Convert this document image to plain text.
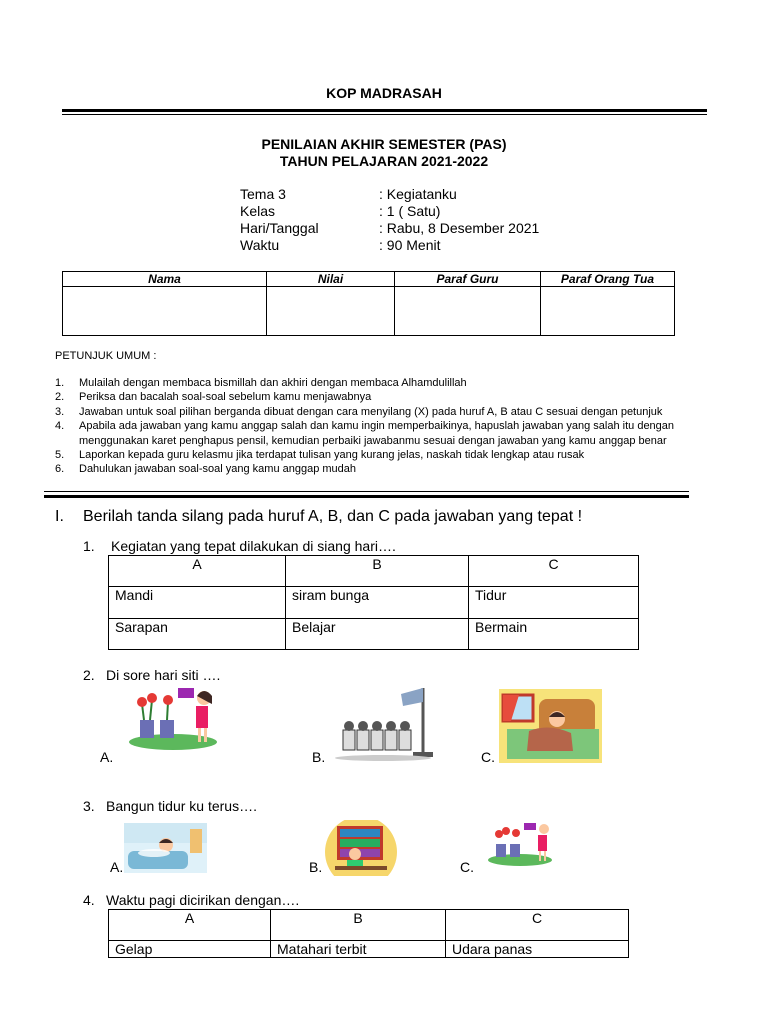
KOP MADRASAH
PENILAIAN AKHIR SEMESTER (PAS)
TAHUN PELAJARAN 2021-2022
Tema 3	: Kegiatanku
Kelas	: 1 ( Satu)
Hari/Tanggal	: Rabu, 8 Desember 2021
Waktu	: 90 Menit
Nama	Nilai	Paraf Guru	Paraf Orang Tua

PETUNJUK UMUM :
1. Mulailah dengan membaca bismillah dan akhiri dengan membaca Alhamdulillah
2. Periksa dan bacalah soal-soal sebelum kamu menjawabnya
3. Jawaban untuk soal pilihan berganda dibuat dengan cara menyilang (X) pada huruf A, B atau C sesuai dengan petunjuk
4. Apabila ada jawaban yang kamu anggap salah dan kamu ingin memperbaikinya, hapuslah jawaban yang salah itu dengan menggunakan karet penghapus pensil, kemudian perbaiki jawabanmu sesuai dengan jawaban yang kamu anggap benar
5. Laporkan kepada guru kelasmu jika terdapat tulisan yang kurang jelas, naskah tidak lengkap atau rusak
6. Dahulukan jawaban soal-soal yang kamu anggap mudah
I. Berilah tanda silang pada huruf A, B, dan C pada jawaban yang tepat !
1. Kegiatan yang tepat dilakukan di siang hari….
A	B	C
Mandi	siram bunga	Tidur
Sarapan	Belajar	Bermain
2. Di sore hari siti ….
A.	B.	C.
3. Bangun tidur ku terus….
A.	B.	C.
4. Waktu pagi dicirikan dengan….
A	B	C
Gelap	Matahari terbit	Udara panas
